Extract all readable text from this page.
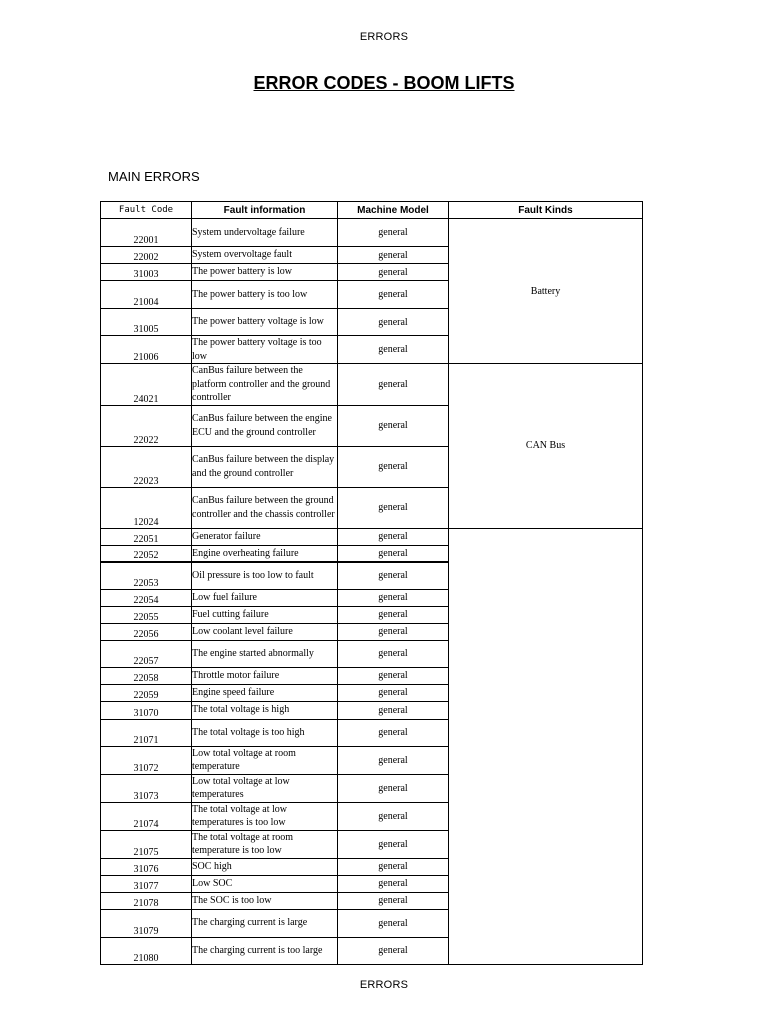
ERRORS
ERROR CODES - BOOM LIFTS
MAIN ERRORS
Fault Code	Fault information	Machine Model	Fault Kinds
22001	System undervoltage failure	general	Battery
22002	System overvoltage fault	general	
31003	The power battery is low	general	
21004	The power battery is too low	general	
31005	The power battery voltage is low	general	
21006	The power battery voltage is too low	general	
24021	CanBus failure between the platform controller and the ground controller	general	CAN Bus
22022	CanBus failure between the engine ECU and the ground controller	general	
22023	CanBus failure between the display and the ground controller	general	
12024	CanBus failure between the ground controller and the chassis controller	general	
22051	Generator failure	general	
22052	Engine overheating failure	general	
22053	Oil pressure is too low to fault	general	
22054	Low fuel failure	general	
22055	Fuel cutting failure	general	
22056	Low coolant level failure	general	
22057	The engine started abnormally	general	
22058	Throttle motor failure	general	
22059	Engine speed failure	general	
31070	The total voltage is high	general	
21071	The total voltage is too high	general	
31072	Low total voltage at room temperature	general	
31073	Low total voltage at low temperatures	general	
21074	The total voltage at low temperatures is too low	general	
21075	The total voltage at room temperature is too low	general	
31076	SOC high	general	
31077	Low SOC	general	
21078	The SOC is too low	general	
31079	The charging current is large	general	
21080	The charging current is too large	general	
ERRORS
